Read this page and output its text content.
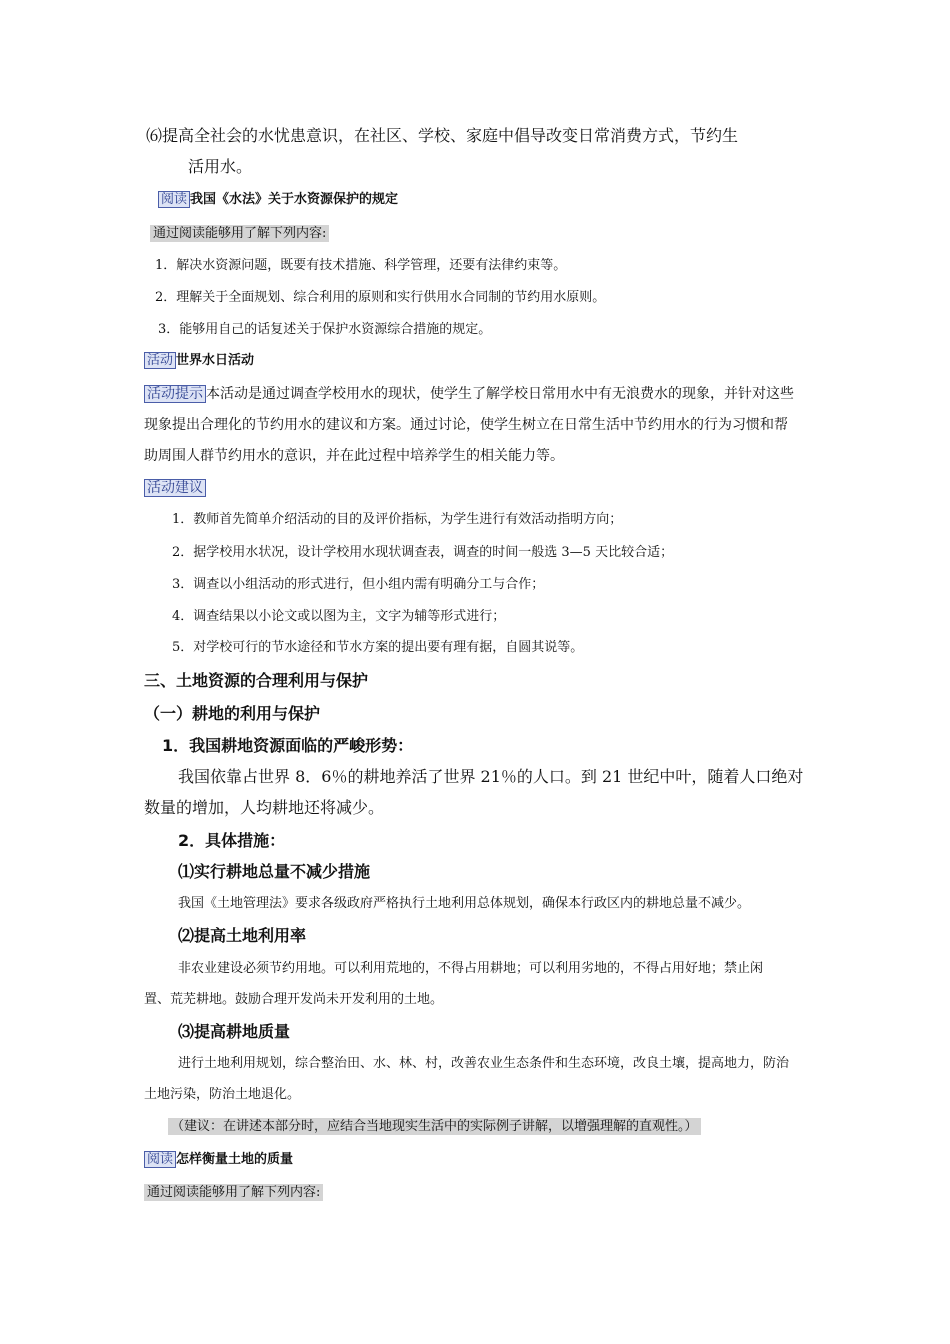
⑹提高全社会的水忧患意识，在社区、学校、家庭中倡导改变日常消费方式，节约生
活用水。
阅读 我国《水法》关于水资源保护的规定
通过阅读能够用了解下列内容:
1．解决水资源问题，既要有技术措施、科学管理，还要有法律约束等。
2．理解关于全面规划、综合利用的原则和实行供用水合同制的节约用水原则。
3．能够用自己的话复述关于保护水资源综合措施的规定。
活动 世界水日活动
活动提示 本活动是通过调查学校用水的现状，使学生了解学校日常用水中有无浪费水的现象，并针对这些
现象提出合理化的节约用水的建议和方案。通过讨论，使学生树立在日常生活中节约用水的行为习惯和帮
助周围人群节约用水的意识，并在此过程中培养学生的相关能力等。
活动建议
1．教师首先简单介绍活动的目的及评价指标，为学生进行有效活动指明方向；
2．据学校用水状况，设计学校用水现状调查表，调查的时间一般选 3—5 天比较合适；
3．调查以小组活动的形式进行，但小组内需有明确分工与合作；
4．调查结果以小论文或以图为主，文字为辅等形式进行；
5．对学校可行的节水途径和节水方案的提出要有理有据，自圆其说等。
三、土地资源的合理利用与保护
（一）耕地的利用与保护
1．我国耕地资源面临的严峻形势：
我国依靠占世界 8．6％的耕地养活了世界 21％的人口。到 21 世纪中叶，随着人口绝对
数量的增加，人均耕地还将减少。
2．具体措施：
⑴实行耕地总量不减少措施
我国《土地管理法》要求各级政府严格执行土地利用总体规划，确保本行政区内的耕地总量不减少。
⑵提高土地利用率
非农业建设必须节约用地。可以利用荒地的，不得占用耕地；可以利用劣地的，不得占用好地；禁止闲
置、荒芜耕地。鼓励合理开发尚未开发利用的土地。
⑶提高耕地质量
进行土地利用规划，综合整治田、水、林、村，改善农业生态条件和生态环境，改良土壤，提高地力，防治
土地污染，防治土地退化。
（建议：在讲述本部分时，应结合当地现实生活中的实际例子讲解，以增强理解的直观性。）
阅读 怎样衡量土地的质量
通过阅读能够用了解下列内容:
